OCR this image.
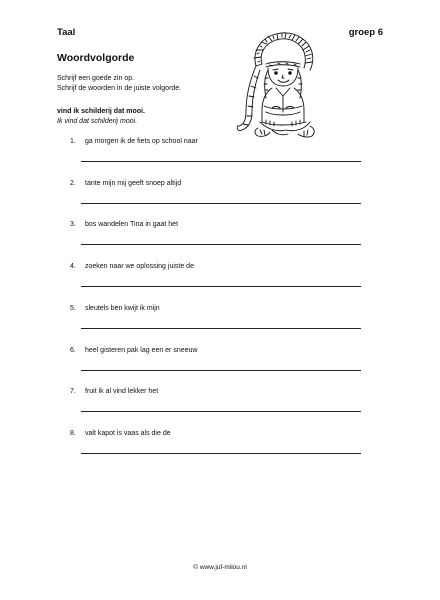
Taal	groep 6
Woordvolgorde
Schrijf een goede zin op.
Schrijf de woorden in de juiste volgorde.
vind ik schilderij dat mooi.
Ik vind dat schilderij mooi.
1. ga morgen ik de fiets op school naar
2. tante mijn mij geeft snoep altijd
3. bos wandelen Tina in gaat het
4. zoeken naar we oplossing juiste de
5. sleutels ben kwijt ik mijn
6. heel gisteren pak lag een er sneeuw
7. fruit ik al vind lekker het
8. valt kapot is vaas als die de
© www.juf-milou.nl
